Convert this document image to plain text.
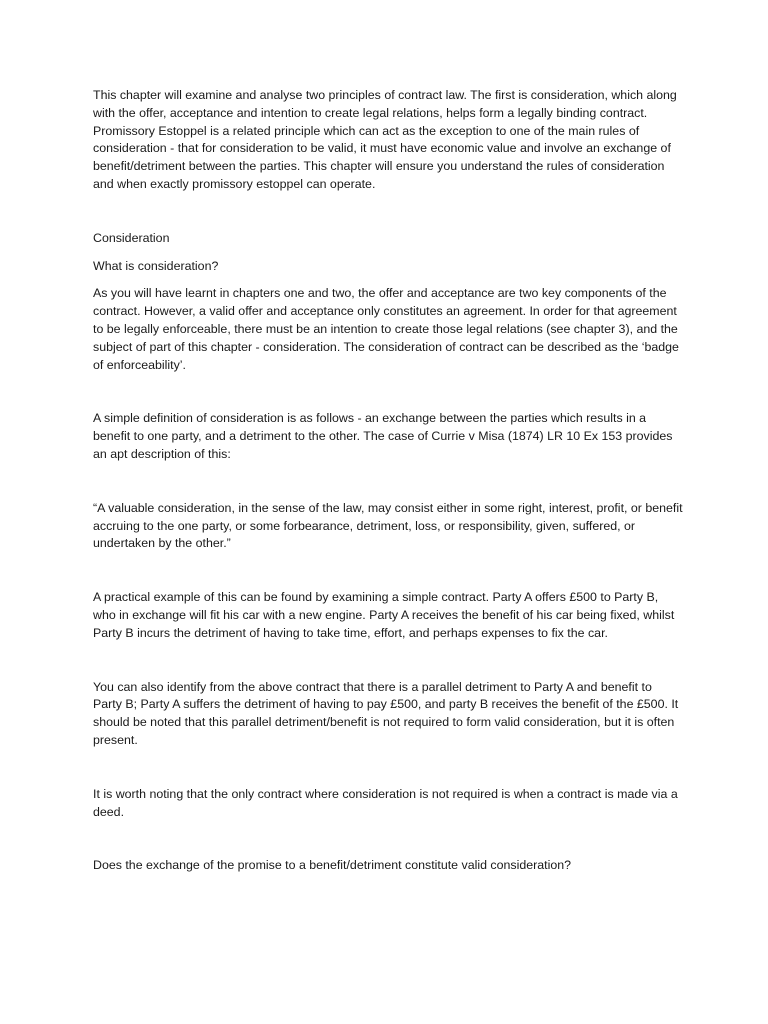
This chapter will examine and analyse two principles of contract law. The first is consideration, which along with the offer, acceptance and intention to create legal relations, helps form a legally binding contract. Promissory Estoppel is a related principle which can act as the exception to one of the main rules of consideration - that for consideration to be valid, it must have economic value and involve an exchange of benefit/detriment between the parties. This chapter will ensure you understand the rules of consideration and when exactly promissory estoppel can operate.

Consideration

What is consideration?

As you will have learnt in chapters one and two, the offer and acceptance are two key components of the contract. However, a valid offer and acceptance only constitutes an agreement. In order for that agreement to be legally enforceable, there must be an intention to create those legal relations (see chapter 3), and the subject of part of this chapter - consideration. The consideration of contract can be described as the ‘badge of enforceability’.

A simple definition of consideration is as follows - an exchange between the parties which results in a benefit to one party, and a detriment to the other. The case of Currie v Misa (1874) LR 10 Ex 153 provides an apt description of this:

“A valuable consideration, in the sense of the law, may consist either in some right, interest, profit, or benefit accruing to the one party, or some forbearance, detriment, loss, or responsibility, given, suffered, or undertaken by the other.”

A practical example of this can be found by examining a simple contract. Party A offers £500 to Party B, who in exchange will fit his car with a new engine. Party A receives the benefit of his car being fixed, whilst Party B incurs the detriment of having to take time, effort, and perhaps expenses to fix the car.

You can also identify from the above contract that there is a parallel detriment to Party A and benefit to Party B; Party A suffers the detriment of having to pay £500, and party B receives the benefit of the £500. It should be noted that this parallel detriment/benefit is not required to form valid consideration, but it is often present.

It is worth noting that the only contract where consideration is not required is when a contract is made via a deed.

Does the exchange of the promise to a benefit/detriment constitute valid consideration?
